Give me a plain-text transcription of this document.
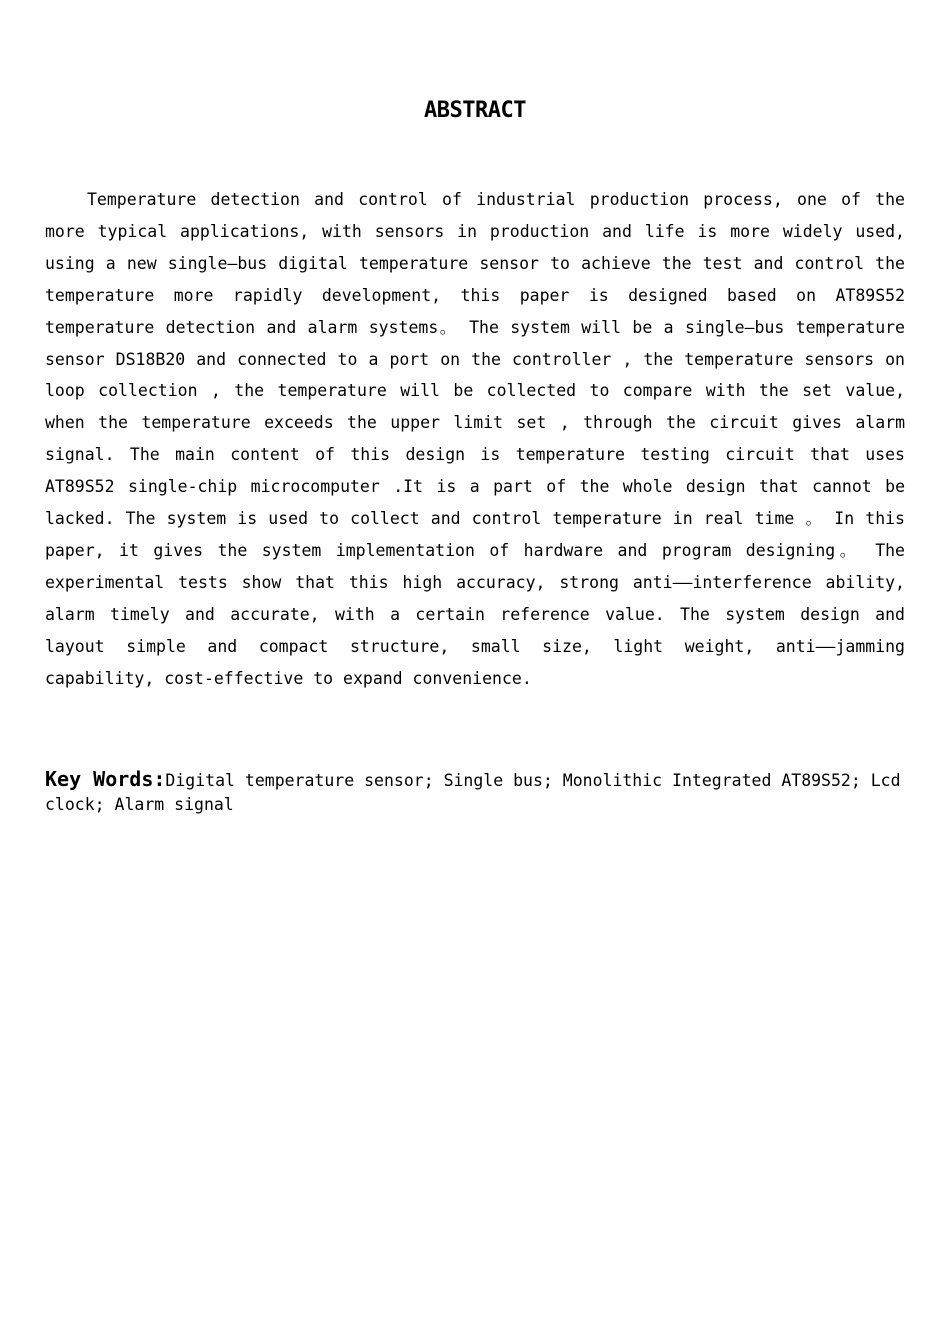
ABSTRACT

Temperature detection and control of industrial production process, one of the more typical applications, with sensors in production and life is more widely used, using a new single—bus digital temperature sensor to achieve the test and control the temperature more rapidly development, this paper is designed based on AT89S52 temperature detection and alarm systems。 The system will be a single—bus temperature sensor DS18B20 and connected to a port on the controller , the temperature sensors on loop collection , the temperature will be collected to compare with the set value, when the temperature exceeds the upper limit set , through the circuit gives alarm signal. The main content of this design is temperature testing circuit that uses AT89S52 single-chip microcomputer .It is a part of the whole design that cannot be lacked. The system is used to collect and control temperature in real time 。 In this paper, it gives the system implementation of hardware and program designing。 The experimental tests show that this high accuracy, strong anti——interference ability, alarm timely and accurate, with a certain reference value. The system design and layout simple and compact structure, small size, light weight, anti——jamming capability, cost-effective to expand convenience.

Key Words:Digital temperature sensor; Single bus; Monolithic Integrated AT89S52; Lcd clock; Alarm signal
